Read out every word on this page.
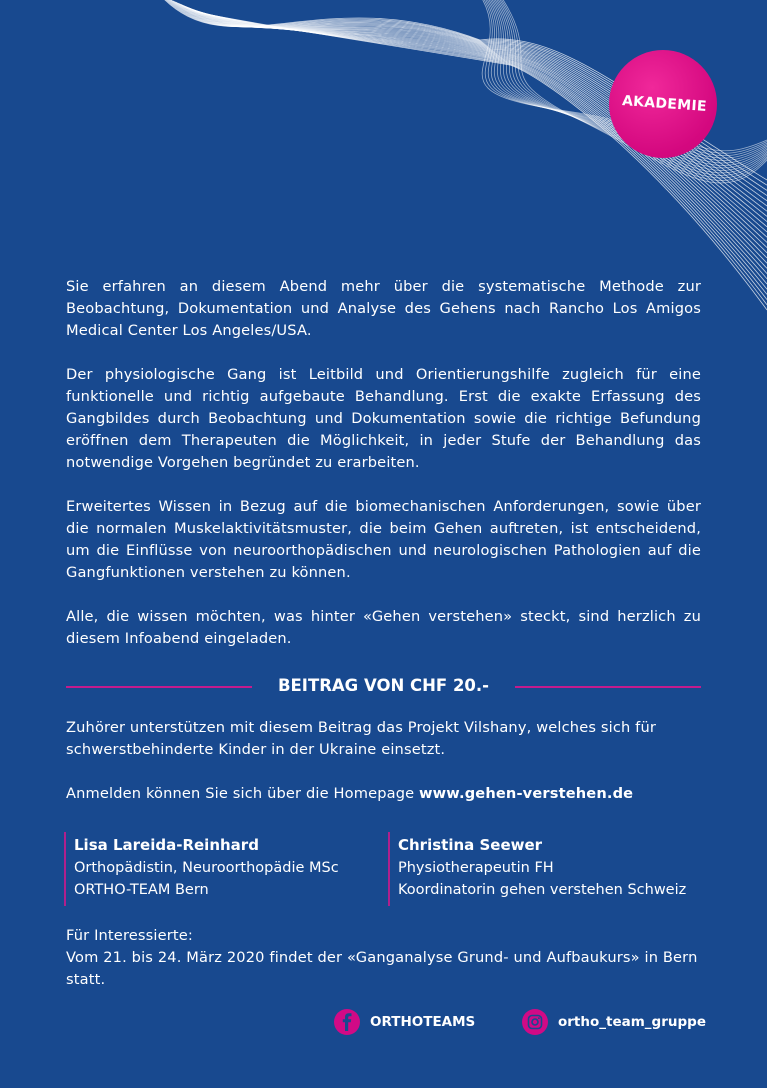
AKADEMIE

Sie erfahren an diesem Abend mehr über die systematische Methode zur Beobachtung, Dokumentation und Analyse des Gehens nach Rancho Los Amigos Medical Center Los Angeles/USA.

Der physiologische Gang ist Leitbild und Orientierungshilfe zugleich für eine funktionelle und richtig aufgebaute Behandlung. Erst die exakte Erfassung des Gangbildes durch Beobachtung und Dokumentation sowie die richtige Befundung eröffnen dem Therapeuten die Möglichkeit, in jeder Stufe der Behandlung das notwendige Vorgehen begründet zu erarbeiten.

Erweitertes Wissen in Bezug auf die biomechanischen Anforderungen, sowie über die normalen Muskelaktivitätsmuster, die beim Gehen auftreten, ist entscheidend, um die Einflüsse von neuroorthopädischen und neurologischen Pathologien auf die Gangfunktionen verstehen zu können.

Alle, die wissen möchten, was hinter «Gehen verstehen» steckt, sind herzlich zu diesem Infoabend eingeladen.

BEITRAG VON CHF 20.-

Zuhörer unterstützen mit diesem Beitrag das Projekt Vilshany, welches sich für schwerstbehinderte Kinder in der Ukraine einsetzt.

Anmelden können Sie sich über die Homepage www.gehen-verstehen.de

Lisa Lareida-Reinhard
Orthopädistin, Neuroorthopädie MSc
ORTHO-TEAM Bern
Christina Seewer
Physiotherapeutin FH
Koordinatorin gehen verstehen Schweiz

Für Interessierte:

Vom 21. bis 24. März 2020 findet der «Ganganalyse Grund- und Aufbaukurs» in Bern statt.

ORTHOTEAMS	ortho_team_gruppe
